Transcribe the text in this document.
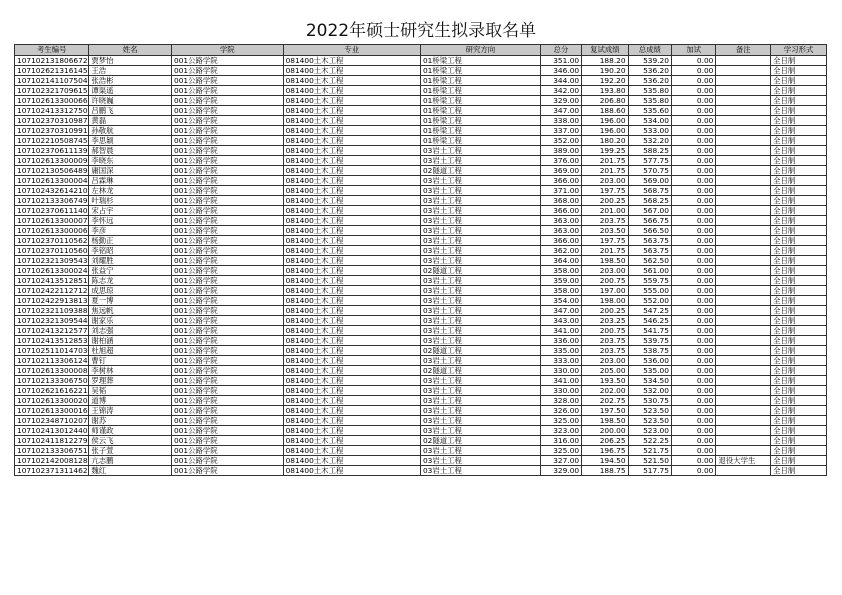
2022年硕士研究生拟录取名单
考生编号	姓名	学院	专业	研究方向	总分	复试成绩	总成绩	加试	备注	学习形式
107102131806672	贾梦怡	001公路学院	081400土木工程	01桥梁工程	351.00	188.20	539.20	0.00		全日制
107102621316145	王浩	001公路学院	081400土木工程	01桥梁工程	346.00	190.20	536.20	0.00		全日制
107102141107504	张浩彬	001公路学院	081400土木工程	01桥梁工程	344.00	192.20	536.20	0.00		全日制
107102321709615	谭渠遥	001公路学院	081400土木工程	01桥梁工程	342.00	193.80	535.80	0.00		全日制
107102613300066	许晓巍	001公路学院	081400土木工程	01桥梁工程	329.00	206.80	535.80	0.00		全日制
107102413312750	吕鹏飞	001公路学院	081400土木工程	01桥梁工程	347.00	188.60	535.60	0.00		全日制
107102370310987	黄磊	001公路学院	081400土木工程	01桥梁工程	338.00	196.00	534.00	0.00		全日制
107102370310991	孙敬航	001公路学院	081400土木工程	01桥梁工程	337.00	196.00	533.00	0.00		全日制
107102210508745	李思颖	001公路学院	081400土木工程	01桥梁工程	352.00	180.20	532.20	0.00		全日制
107102370611139	郝智晨	001公路学院	081400土木工程	03岩土工程	389.00	199.25	588.25	0.00		全日制
107102613300009	李晓东	001公路学院	081400土木工程	03岩土工程	376.00	201.75	577.75	0.00		全日制
107102130506489	庸国深	001公路学院	081400土木工程	02隧道工程	369.00	201.75	570.75	0.00		全日制
107102613300004	吕霖琳	001公路学院	081400土木工程	03岩土工程	366.00	203.00	569.00	0.00		全日制
107102432614210	左林龙	001公路学院	081400土木工程	03岩土工程	371.00	197.75	568.75	0.00		全日制
107102133306749	叶瑞杉	001公路学院	081400土木工程	03岩土工程	368.00	200.25	568.25	0.00		全日制
107102370611140	宋占宇	001公路学院	081400土木工程	03岩土工程	366.00	201.00	567.00	0.00		全日制
107102613300007	李怀远	001公路学院	081400土木工程	03岩土工程	363.00	203.75	566.75	0.00		全日制
107102613300006	李彦	001公路学院	081400土木工程	03岩土工程	363.00	203.50	566.50	0.00		全日制
107102370110562	杨勤正	001公路学院	081400土木工程	03岩土工程	366.00	197.75	563.75	0.00		全日制
107102370110560	李铭昭	001公路学院	081400土木工程	03岩土工程	362.00	201.75	563.75	0.00		全日制
107102321309543	刘耀胜	001公路学院	081400土木工程	03岩土工程	364.00	198.50	562.50	0.00		全日制
107102613300024	张益宁	001公路学院	081400土木工程	02隧道工程	358.00	203.00	561.00	0.00		全日制
107102413512851	陈志龙	001公路学院	081400土木工程	03岩土工程	359.00	200.75	559.75	0.00		全日制
107102422112712	成思琼	001公路学院	081400土木工程	03岩土工程	358.00	197.00	555.00	0.00		全日制
107102422913813	夏一博	001公路学院	081400土木工程	03岩土工程	354.00	198.00	552.00	0.00		全日制
107102321109388	焦远帆	001公路学院	081400土木工程	03岩土工程	347.00	200.25	547.25	0.00		全日制
107102321309544	谢家乐	001公路学院	081400土木工程	03岩土工程	343.00	203.25	546.25	0.00		全日制
107102413212577	刘志强	001公路学院	081400土木工程	03岩土工程	341.00	200.75	541.75	0.00		全日制
107102413512853	谢柏涵	001公路学院	081400土木工程	03岩土工程	336.00	203.75	539.75	0.00		全日制
107102511014703	杜旭超	001公路学院	081400土木工程	02隧道工程	335.00	203.75	538.75	0.00		全日制
107102113306124	曹钉	001公路学院	081400土木工程	03岩土工程	333.00	203.00	536.00	0.00		全日制
107102613300008	李树林	001公路学院	081400土木工程	02隧道工程	330.00	205.00	535.00	0.00		全日制
107102133306750	罗理葬	001公路学院	081400土木工程	03岩土工程	341.00	193.50	534.50	0.00		全日制
107102621616221	吴韬	001公路学院	081400土木工程	03岩土工程	330.00	202.00	532.00	0.00		全日制
107102613300020	道博	001公路学院	081400土木工程	03岩土工程	328.00	202.75	530.75	0.00		全日制
107102613300016	王锦涛	001公路学院	081400土木工程	03岩土工程	326.00	197.50	523.50	0.00		全日制
107102348710207	谢苏	001公路学院	081400土木工程	03岩土工程	325.00	198.50	523.50	0.00		全日制
107102413012440	师谨政	001公路学院	081400土木工程	03岩土工程	323.00	200.00	523.00	0.00		全日制
107102411812279	侯云飞	001公路学院	081400土木工程	02隧道工程	316.00	206.25	522.25	0.00		全日制
107102133306751	张子萱	001公路学院	081400土木工程	03岩土工程	325.00	196.75	521.75	0.00		全日制
107102142008128	亢志鹏	001公路学院	081400土木工程	03岩土工程	327.00	194.50	521.50	0.00	退役大学生	全日制
107102371311462	魏红	001公路学院	081400土木工程	03岩土工程	329.00	188.75	517.75	0.00		全日制
